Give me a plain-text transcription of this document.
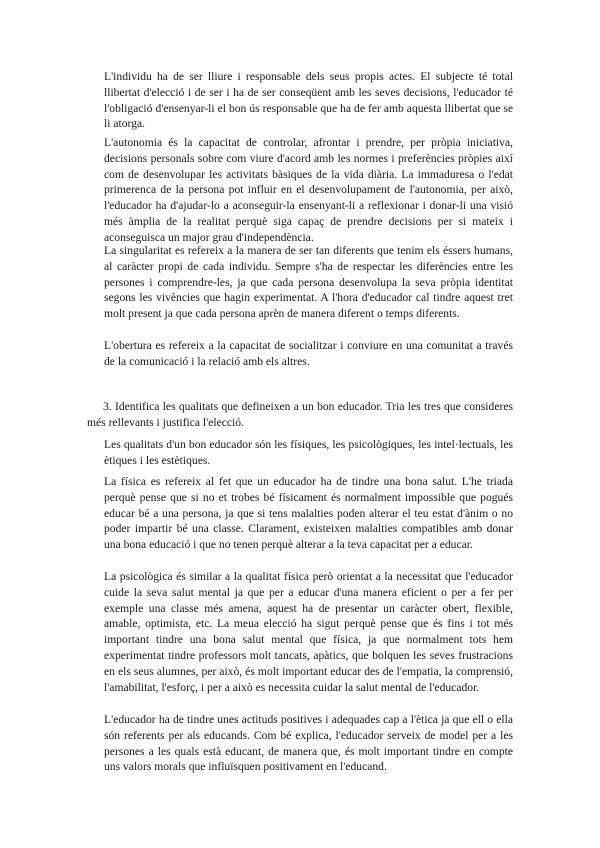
L'individu ha de ser lliure i responsable dels seus propis actes. El subjecte té total llibertat d'elecció i de ser i ha de ser conseqüent amb les seves decisions, l'educador té l'obligació d'ensenyar-li el bon ús responsable que ha de fer amb aquesta llibertat que se li atorga.

L'autonomia és la capacitat de controlar, afrontar i prendre, per pròpia iniciativa, decisions personals sobre com viure d'acord amb les normes i preferències pròpies així com de desenvolupar les activitats bàsiques de la vida diària. La immaduresa o l'edat primerenca de la persona pot influir en el desenvolupament de l'autonomia, per això, l'educador ha d'ajudar-lo a aconseguir-la ensenyant-li a reflexionar i donar-li una visió més àmplia de la realitat perquè siga capaç de prendre decisions per si mateix i aconseguisca un major grau d'independència.

La singularitat es refereix a la manera de ser tan diferents que tenim els éssers humans, al caràcter propi de cada individu. Sempre s'ha de respectar les diferències entre les persones i comprendre-les, ja que cada persona desenvolupa la seva pròpia identitat segons les vivències que hagin experimentat. A l'hora d'educador cal tindre aquest tret molt present ja que cada persona aprèn de manera diferent o temps diferents.

L'obertura es refereix a la capacitat de socialitzar i conviure en una comunitat a través de la comunicació i la relació amb els altres.

3. Identifica les qualitats que defineixen a un bon educador. Tria les tres que consideres més rellevants i justifica l'elecció.

Les qualitats d'un bon educador són les físiques, les psicològiques, les intel·lectuals, les ètiques i les estètiques.

La física es refereix al fet que un educador ha de tindre una bona salut. L'he triada perquè pense que si no et trobes bé físicament és normalment impossible que pogués educar bé a una persona, ja que si tens malalties poden alterar el teu estat d'ànim o no poder impartir bé una classe. Clarament, existeixen malalties compatibles amb donar una bona educació i que no tenen perquè alterar a la teva capacitat per a educar.

La psicològica és similar a la qualitat física però orientat a la necessitat que l'educador cuide la seva salut mental ja que per a educar d'una manera eficient o per a fer per exemple una classe més amena, aquest ha de presentar un caràcter obert, flexible, amable, optimista, etc. La meua elecció ha sigut perquè pense que és fins i tot més important tindre una bona salut mental que física, ja que normalment tots hem experimentat tindre professors molt tancats, apàtics, que bolquen les seves frustracions en els seus alumnes, per això, és molt important educar des de l'empatia, la comprensió, l'amabilitat, l'esforç, i per a això es necessita cuidar la salut mental de l'educador.

L'educador ha de tindre unes actituds positives i adequades cap a l'ètica ja que ell o ella són referents per als educands. Com bé explica, l'educador serveix de model per a les persones a les quals està educant, de manera que, és molt important tindre en compte uns valors morals que influïsquen positivament en l'educand.
